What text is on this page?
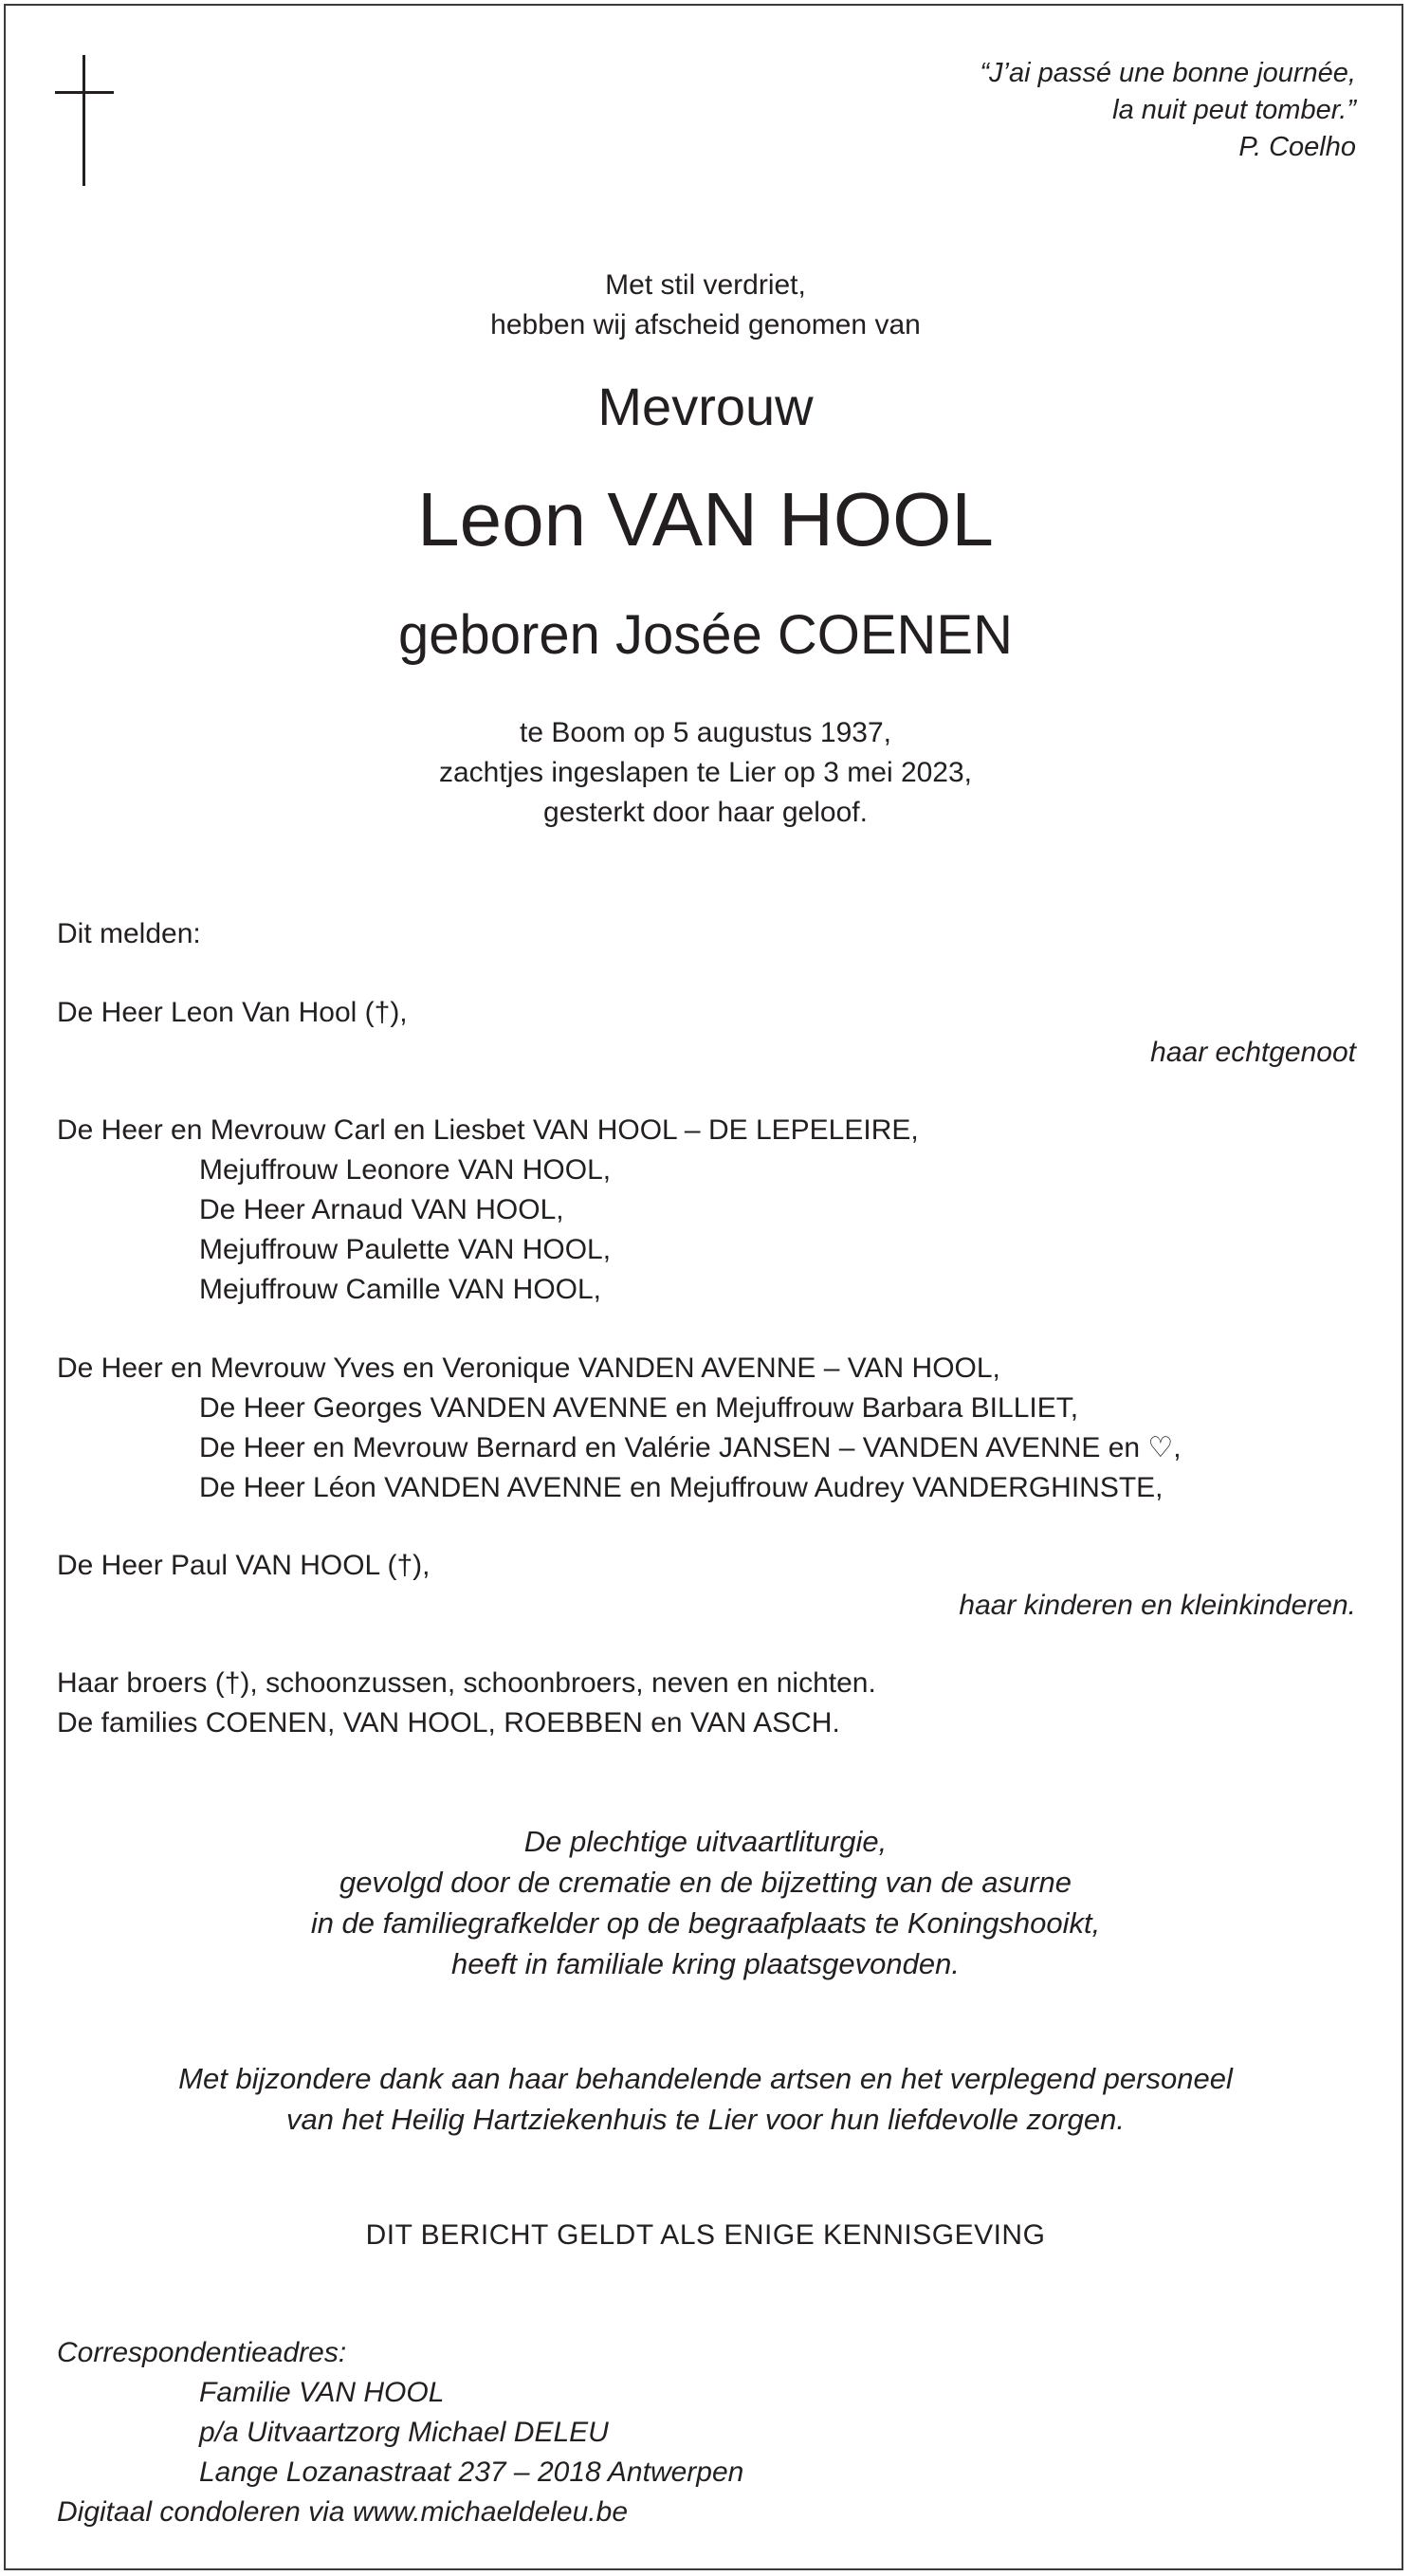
“J’ai passé une bonne journée,
la nuit peut tomber.”
P. Coelho
Met stil verdriet,
hebben wij afscheid genomen van
Mevrouw
Leon VAN HOOL
geboren Josée COENEN
te Boom op 5 augustus 1937,
zachtjes ingeslapen te Lier op 3 mei 2023,
gesterkt door haar geloof.
Dit melden:
De Heer Leon Van Hool (†),
haar echtgenoot
De Heer en Mevrouw Carl en Liesbet VAN HOOL – DE LEPELEIRE,
Mejuffrouw Leonore VAN HOOL,
De Heer Arnaud VAN HOOL,
Mejuffrouw Paulette VAN HOOL,
Mejuffrouw Camille VAN HOOL,
De Heer en Mevrouw Yves en Veronique VANDEN AVENNE – VAN HOOL,
De Heer Georges VANDEN AVENNE en Mejuffrouw Barbara BILLIET,
De Heer en Mevrouw Bernard en Valérie JANSEN – VANDEN AVENNE en ♡,
De Heer Léon VANDEN AVENNE en Mejuffrouw Audrey VANDERGHINSTE,
De Heer Paul VAN HOOL (†),
haar kinderen en kleinkinderen.
Haar broers (†), schoonzussen, schoonbroers, neven en nichten.
De families COENEN, VAN HOOL, ROEBBEN en VAN ASCH.
De plechtige uitvaartliturgie,
gevolgd door de crematie en de bijzetting van de asurne
in de familiegrafkelder op de begraafplaats te Koningshooikt,
heeft in familiale kring plaatsgevonden.
Met bijzondere dank aan haar behandelende artsen en het verplegend personeel
van het Heilig Hartziekenhuis te Lier voor hun liefdevolle zorgen.
DIT BERICHT GELDT ALS ENIGE KENNISGEVING
Correspondentieadres:
Familie VAN HOOL
p/a Uitvaartzorg Michael DELEU
Lange Lozanastraat 237 – 2018 Antwerpen
Digitaal condoleren via www.michaeldeleu.be
